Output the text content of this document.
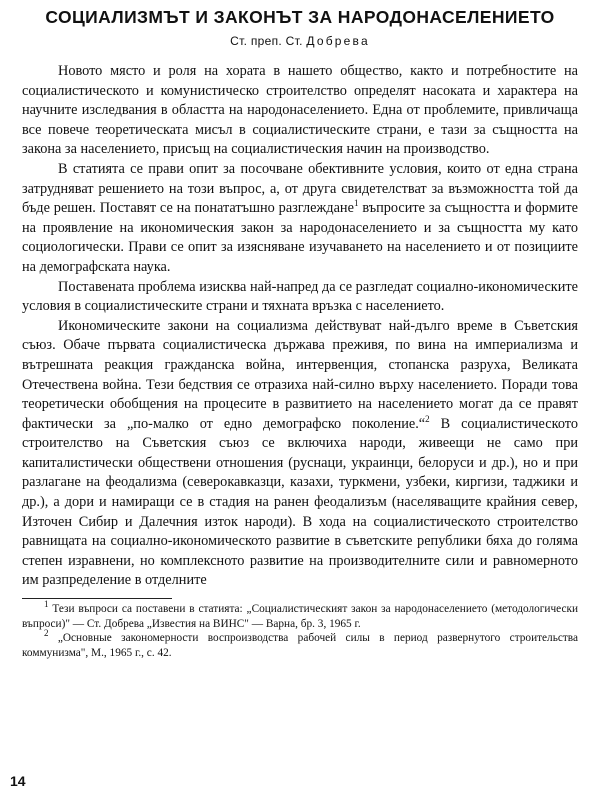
СОЦИАЛИЗМЪТ И ЗАКОНЪТ ЗА НАРОДОНАСЕЛЕНИЕТО
Ст. преп. Ст. Добрева

Новото място и роля на хората в нашето общество, както и потребностите на социалистическото и комунистическо строителство определят насоката и характера на научните изследвания в областта на народонаселението. Една от проблемите, привличаща все повече теоретическата мисъл в социалистическите страни, е тази за същността на закона за населението, присъщ на социалистическия начин на производство.

В статията се прави опит за посочване обективните условия, които от една страна затрудняват решението на този въпрос, а, от друга свидетелстват за възможността той да бъде решен. Поставят се на понататъшно разглеждане$^1$ въпросите за същността и формите на проявление на икономическия закон за народонаселението и за същността му като социологически. Прави се опит за изясняване изучаването на населението и от позициите на демографската наука.

Поставената проблема изисква най-напред да се разгледат социално-икономическите условия в социалистическите страни и тяхната връзка с населението.

Икономическите закони на социализма действуват най-дълго време в Съветския съюз. Обаче първата социалистическа държава преживя, по вина на империализма и вътрешната реакция гражданска война, интервенция, стопанска разруха, Великата Отечествена война. Тези бедствия се отразиха най-силно върху населението. Поради това теоретически обобщения на процесите в развитието на населението могат да се правят фактически за „по-малко от едно демографско поколение.“$^2$ В социалистическото строителство на Съветския съюз се включиха народи, живеещи не само при капиталистически обществени отношения (руснаци, украинци, белоруси и др.), но и при разлагане на феодализма (северокавказци, казахи, туркмени, узбеки, киргизи, таджики и др.), а дори и намиращи се в стадия на ранен феодализъм (населяващите крайния север, Източен Сибир и Далечния изток народи). В хода на социалистическото строителство равнищата на социално-икономическото развитие в съветските републики бяха до голяма степен изравнени, но комплексното развитие на производителните сили и равномерното им разпределение в отделните

$^1$ Тези въпроси са поставени в статията: „Социалистическият закон за народонаселението (методологически въпроси)" — Ст. Добрева „Известия на ВИНС" — Варна, бр. 3, 1965 г.

$^2$ „Основные закономерности воспроизводства рабочей силы в период развернутого строительства коммунизма", М., 1965 г., с. 42.

14
